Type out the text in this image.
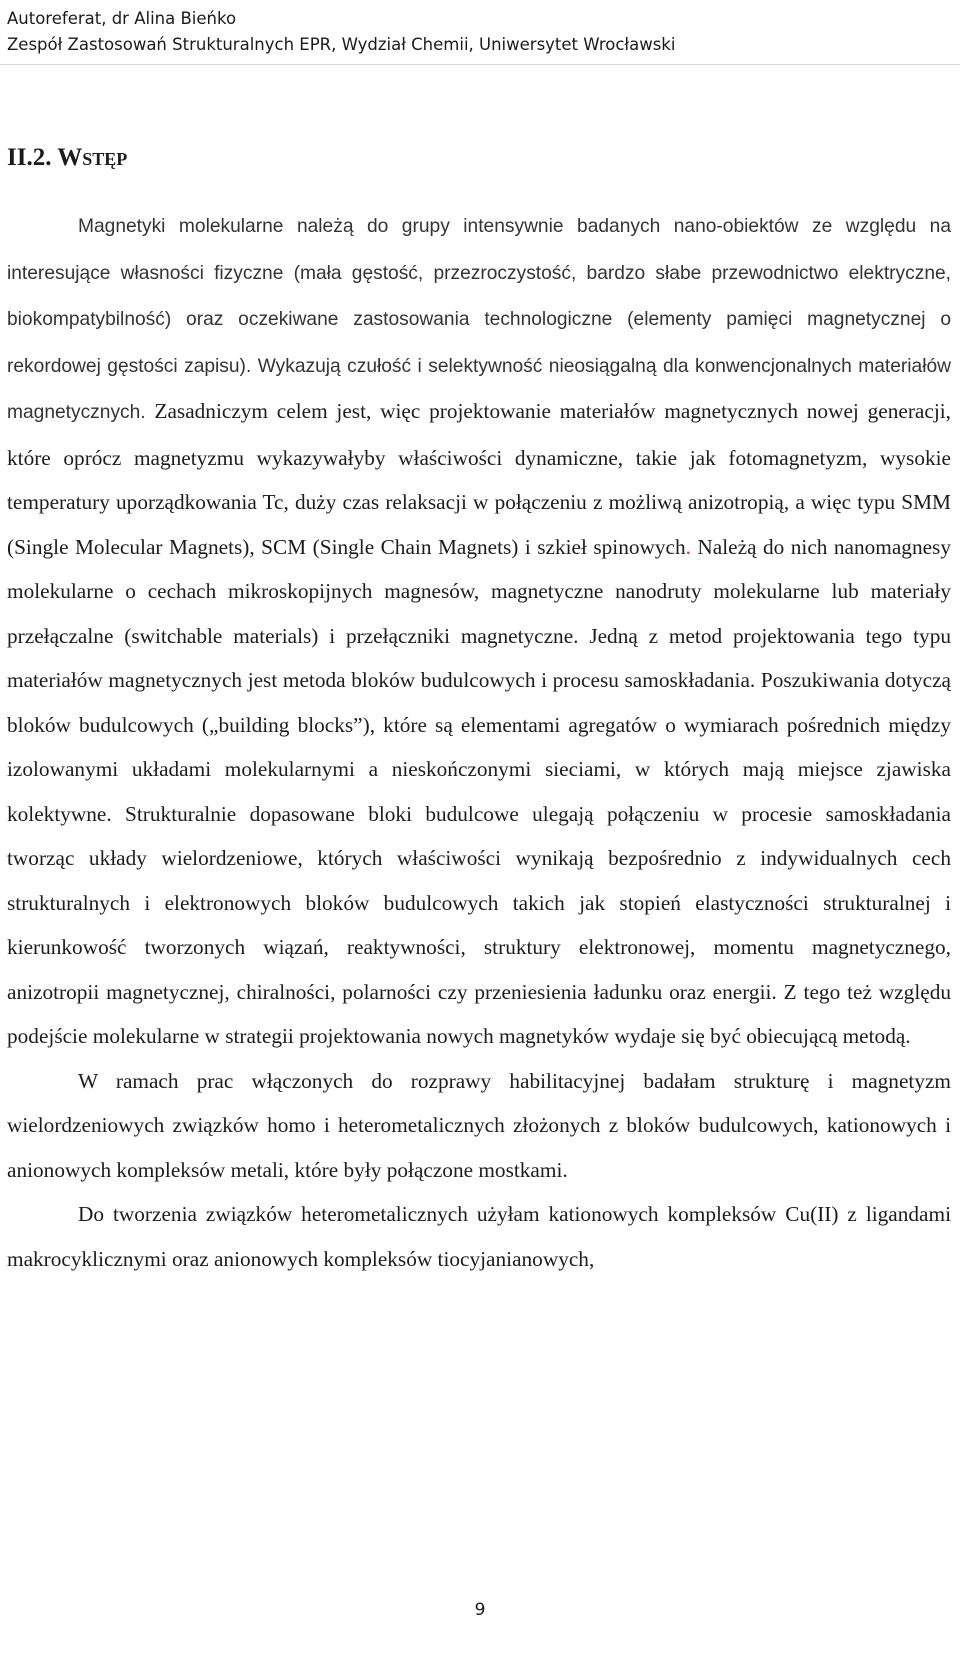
Autoreferat, dr Alina Bieńko
Zespół Zastosowań Strukturalnych EPR, Wydział Chemii, Uniwersytet Wrocławski
II.2. WSTĘP

Magnetyki molekularne należą do grupy intensywnie badanych nano-obiektów ze względu na interesujące własności fizyczne (mała gęstość, przezroczystość, bardzo słabe przewodnictwo elektryczne, biokompatybilność) oraz oczekiwane zastosowania technologiczne (elementy pamięci magnetycznej o rekordowej gęstości zapisu). Wykazują czułość i selektywność nieosiągalną dla konwencjonalnych materiałów magnetycznych. Zasadniczym celem jest, więc projektowanie materiałów magnetycznych nowej generacji, które oprócz magnetyzmu wykazywałyby właściwości dynamiczne, takie jak fotomagnetyzm, wysokie temperatury uporządkowania Tc, duży czas relaksacji w połączeniu z możliwą anizotropią, a więc typu SMM (Single Molecular Magnets), SCM (Single Chain Magnets) i szkieł spinowych. Należą do nich nanomagnesy molekularne o cechach mikroskopijnych magnesów, magnetyczne nanodruty molekularne lub materiały przełączalne (switchable materials) i przełączniki magnetyczne. Jedną z metod projektowania tego typu materiałów magnetycznych jest metoda bloków budulcowych i procesu samoskładania. Poszukiwania dotyczą bloków budulcowych („building blocks”), które są elementami agregatów o wymiarach pośrednich między izolowanymi układami molekularnymi a nieskończonymi sieciami, w których mają miejsce zjawiska kolektywne. Strukturalnie dopasowane bloki budulcowe ulegają połączeniu w procesie samoskładania tworząc układy wielordzeniowe, których właściwości wynikają bezpośrednio z indywidualnych cech strukturalnych i elektronowych bloków budulcowych takich jak stopień elastyczności strukturalnej i kierunkowość tworzonych wiązań, reaktywności, struktury elektronowej, momentu magnetycznego, anizotropii magnetycznej, chiralności, polarności czy przeniesienia ładunku oraz energii. Z tego też względu podejście molekularne w strategii projektowania nowych magnetyków wydaje się być obiecującą metodą.

W ramach prac włączonych do rozprawy habilitacyjnej badałam strukturę i magnetyzm wielordzeniowych związków homo i heterometalicznych złożonych z bloków budulcowych, kationowych i anionowych kompleksów metali, które były połączone mostkami.

Do tworzenia związków heterometalicznych użyłam kationowych kompleksów Cu(II) z ligandami makrocyklicznymi oraz anionowych kompleksów tiocyjanianowych,

9
